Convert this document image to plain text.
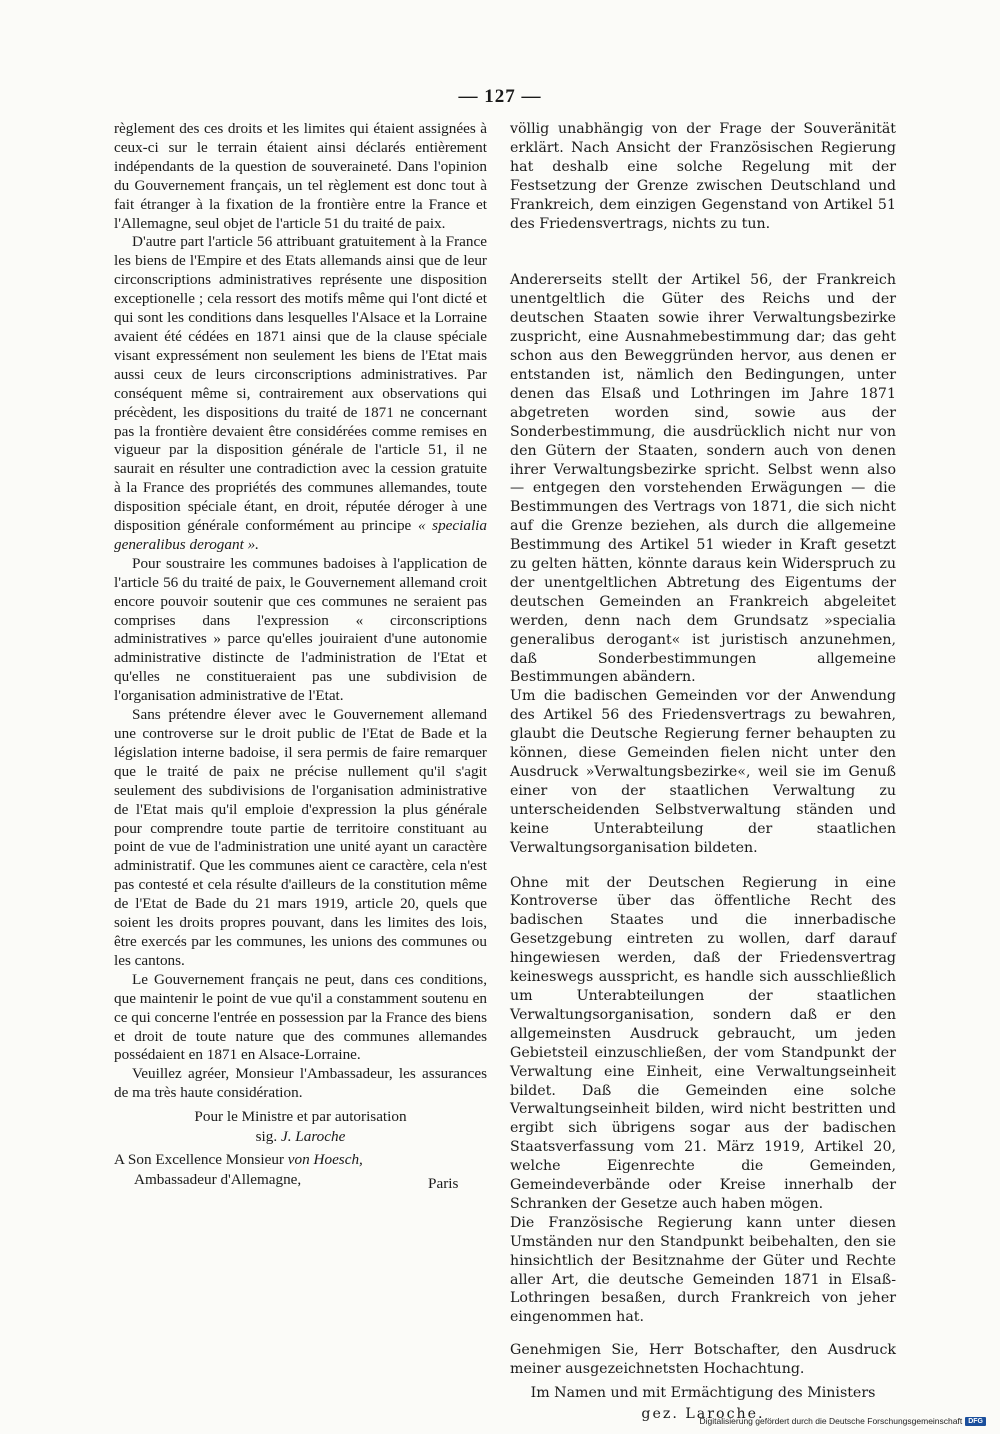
— 127 —

règlement des ces droits et les limites qui étaient assignées à ceux-ci sur le terrain étaient ainsi déclarés entièrement indépendants de la question de souveraineté. Dans l'opinion du Gouvernement français, un tel règlement est donc tout à fait étranger à la fixation de la frontière entre la France et l'Allemagne, seul objet de l'article 51 du traité de paix.

D'autre part l'article 56 attribuant gratuitement à la France les biens de l'Empire et des Etats allemands ainsi que de leur circonscriptions administratives représente une disposition exceptionelle ; cela ressort des motifs même qui l'ont dicté et qui sont les conditions dans lesquelles l'Alsace et la Lorraine avaient été cédées en 1871 ainsi que de la clause spéciale visant expressément non seulement les biens de l'Etat mais aussi ceux de leurs circonscriptions administratives. Par conséquent même si, contrairement aux observations qui précèdent, les dispositions du traité de 1871 ne concernant pas la frontière devaient être considérées comme remises en vigueur par la disposition générale de l'article 51, il ne saurait en résulter une contradiction avec la cession gratuite à la France des propriétés des communes allemandes, toute disposition spéciale étant, en droit, réputée déroger à une disposition générale conformément au principe « specialia generalibus derogant ».

Pour soustraire les communes badoises à l'application de l'article 56 du traité de paix, le Gouvernement allemand croit encore pouvoir soutenir que ces communes ne seraient pas comprises dans l'expression « circonscriptions administratives » parce qu'elles jouiraient d'une autonomie administrative distincte de l'administration de l'Etat et qu'elles ne constitueraient pas une subdivision de l'organisation administrative de l'Etat.

Sans prétendre élever avec le Gouvernement allemand une controverse sur le droit public de l'Etat de Bade et la législation interne badoise, il sera permis de faire remarquer que le traité de paix ne précise nullement qu'il s'agit seulement des subdivisions de l'organisation administrative de l'Etat mais qu'il emploie d'expression la plus générale pour comprendre toute partie de territoire constituant au point de vue de l'administration une unité ayant un caractère administratif. Que les communes aient ce caractère, cela n'est pas contesté et cela résulte d'ailleurs de la constitution même de l'Etat de Bade du 21 mars 1919, article 20, quels que soient les droits propres pouvant, dans les limites des lois, être exercés par les communes, les unions des communes ou les cantons.

Le Gouvernement français ne peut, dans ces conditions, que maintenir le point de vue qu'il a constamment soutenu en ce qui concerne l'entrée en possession par la France des biens et droit de toute nature que des communes allemandes possédaient en 1871 en Alsace-Lorraine.

Veuillez agréer, Monsieur l'Ambassadeur, les assurances de ma très haute considération.

Pour le Ministre et par autorisation
sig. J. Laroche
A Son Excellence Monsieur von Hoesch,
Ambassadeur d'Allemagne,	Paris

völlig unabhängig von der Frage der Souveränität erklärt. Nach Ansicht der Französischen Regierung hat deshalb eine solche Regelung mit der Festsetzung der Grenze zwischen Deutschland und Frankreich, dem einzigen Gegenstand von Artikel 51 des Friedensvertrags, nichts zu tun.

Andererseits stellt der Artikel 56, der Frankreich unentgeltlich die Güter des Reichs und der deutschen Staaten sowie ihrer Verwaltungsbezirke zuspricht, eine Ausnahmebestimmung dar; das geht schon aus den Beweggründen hervor, aus denen er entstanden ist, nämlich den Bedingungen, unter denen das Elsaß und Lothringen im Jahre 1871 abgetreten worden sind, sowie aus der Sonderbestimmung, die ausdrücklich nicht nur von den Gütern der Staaten, sondern auch von denen ihrer Verwaltungsbezirke spricht. Selbst wenn also — entgegen den vorstehenden Erwägungen — die Bestimmungen des Vertrags von 1871, die sich nicht auf die Grenze beziehen, als durch die allgemeine Bestimmung des Artikel 51 wieder in Kraft gesetzt zu gelten hätten, könnte daraus kein Widerspruch zu der unentgeltlichen Abtretung des Eigentums der deutschen Gemeinden an Frankreich abgeleitet werden, denn nach dem Grundsatz »specialia generalibus derogant« ist juristisch anzunehmen, daß Sonderbestimmungen allgemeine Bestimmungen abändern.

Um die badischen Gemeinden vor der Anwendung des Artikel 56 des Friedensvertrags zu bewahren, glaubt die Deutsche Regierung ferner behaupten zu können, diese Gemeinden fielen nicht unter den Ausdruck »Verwaltungsbezirke«, weil sie im Genuß einer von der staatlichen Verwaltung zu unterscheidenden Selbstverwaltung ständen und keine Unterabteilung der staatlichen Verwaltungsorganisation bildeten.

Ohne mit der Deutschen Regierung in eine Kontroverse über das öffentliche Recht des badischen Staates und die innerbadische Gesetzgebung eintreten zu wollen, darf darauf hingewiesen werden, daß der Friedensvertrag keineswegs ausspricht, es handle sich ausschließlich um Unterabteilungen der staatlichen Verwaltungsorganisation, sondern daß er den allgemeinsten Ausdruck gebraucht, um jeden Gebietsteil einzuschließen, der vom Standpunkt der Verwaltung eine Einheit, eine Verwaltungseinheit bildet. Daß die Gemeinden eine solche Verwaltungseinheit bilden, wird nicht bestritten und ergibt sich übrigens sogar aus der badischen Staatsverfassung vom 21. März 1919, Artikel 20, welche Eigenrechte die Gemeinden, Gemeindeverbände oder Kreise innerhalb der Schranken der Gesetze auch haben mögen.

Die Französische Regierung kann unter diesen Umständen nur den Standpunkt beibehalten, den sie hinsichtlich der Besitznahme der Güter und Rechte aller Art, die deutsche Gemeinden 1871 in Elsaß-Lothringen besaßen, durch Frankreich von jeher eingenommen hat.

Genehmigen Sie, Herr Botschafter, den Ausdruck meiner ausgezeichnetsten Hochachtung.

Im Namen und mit Ermächtigung des Ministers
gez. Laroche.
Digitalisierung gefördert durch die Deutsche Forschungsgemeinschaft DFG
